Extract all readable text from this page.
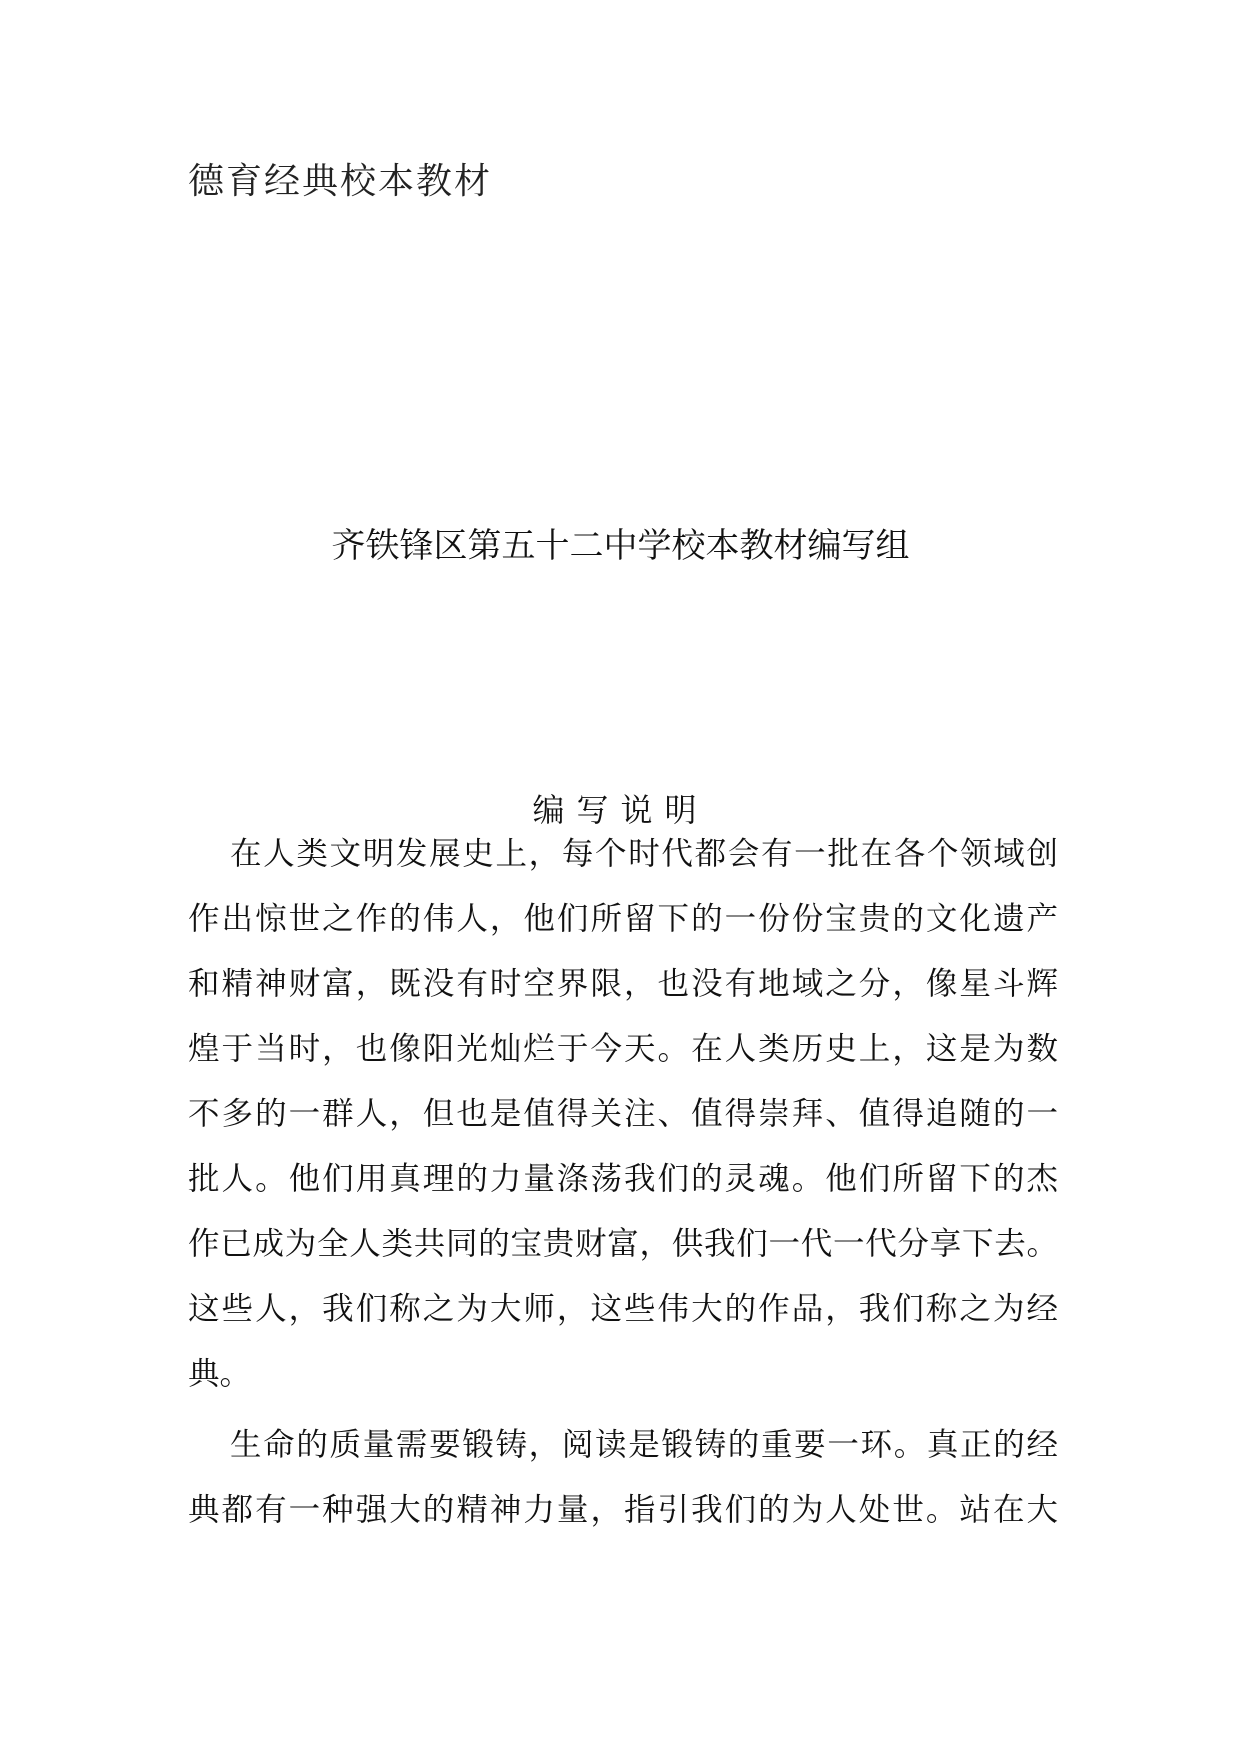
德育经典校本教材
齐铁锋区第五十二中学校本教材编写组
编写说明
在人类文明发展史上，每个时代都会有一批在各个领域创
作出惊世之作的伟人，他们所留下的一份份宝贵的文化遗产
和精神财富，既没有时空界限，也没有地域之分，像星斗辉
煌于当时，也像阳光灿烂于今天。在人类历史上，这是为数
不多的一群人，但也是值得关注、值得崇拜、值得追随的一
批人。他们用真理的力量涤荡我们的灵魂。他们所留下的杰
作已成为全人类共同的宝贵财富，供我们一代一代分享下去。
这些人，我们称之为大师，这些伟大的作品，我们称之为经
典。
生命的质量需要锻铸，阅读是锻铸的重要一环。真正的经
典都有一种强大的精神力量，指引我们的为人处世。站在大
